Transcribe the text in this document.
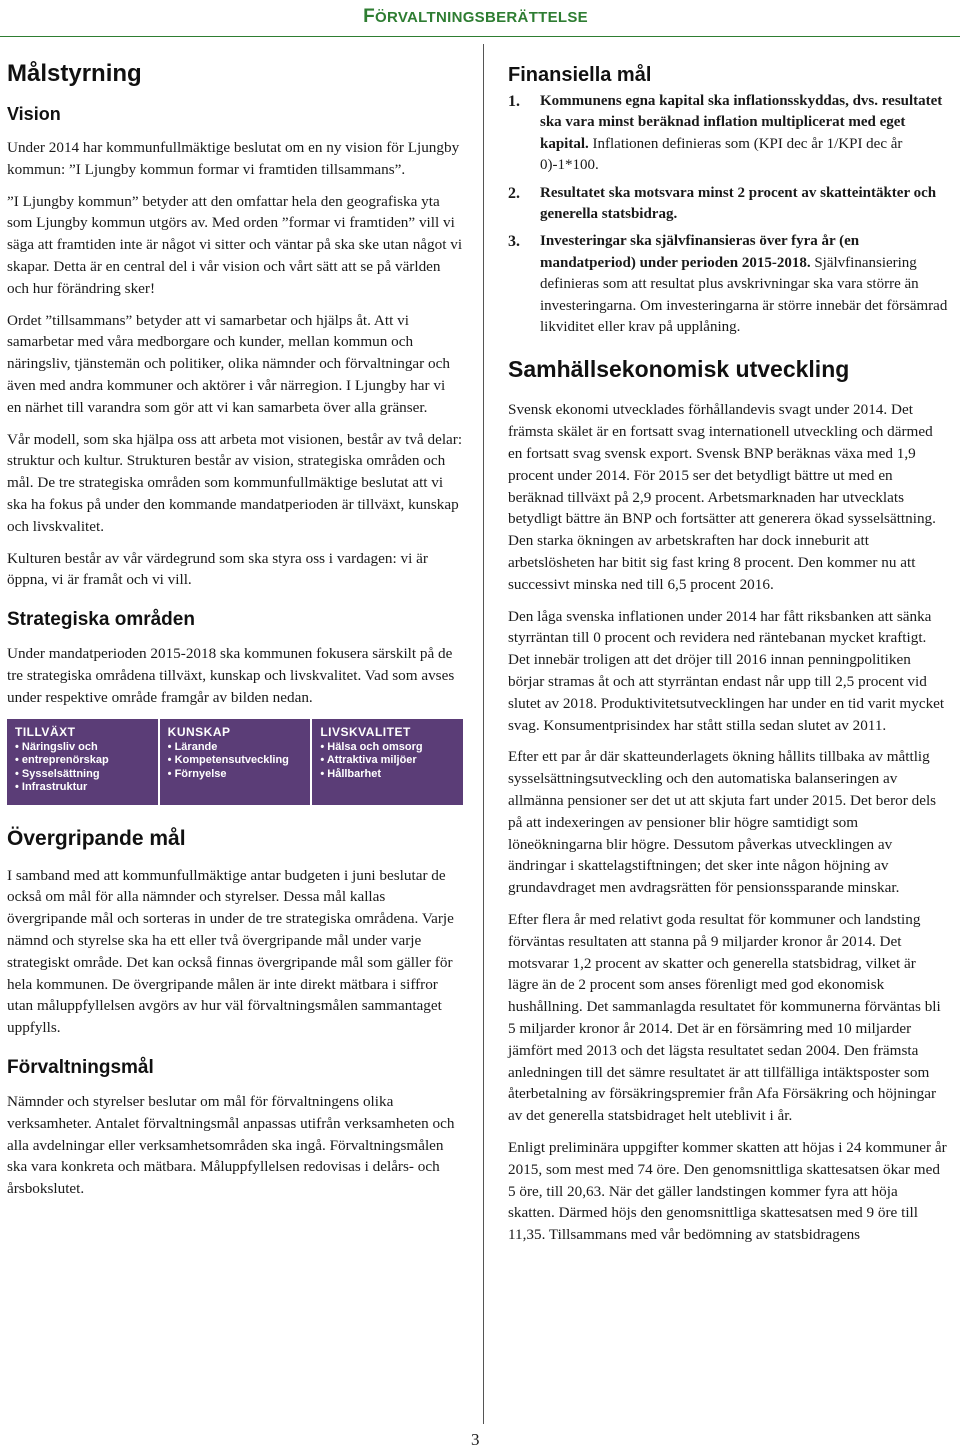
FÖRVALTNINGSBERÄTTELSE
Målstyrning
Vision

Under 2014 har kommunfullmäktige beslutat om en ny vision för Ljungby kommun: ”I Ljungby kommun formar vi framtiden tillsammans”.

”I Ljungby kommun” betyder att den omfattar hela den geografiska yta som Ljungby kommun utgörs av. Med orden ”formar vi framtiden” vill vi säga att framtiden inte är något vi sitter och väntar på ska ske utan något vi skapar. Detta är en central del i vår vision och vårt sätt att se på världen och hur förändring sker!

Ordet ”tillsammans” betyder att vi samarbetar och hjälps åt. Att vi samarbetar med våra medborgare och kunder, mellan kommun och näringsliv, tjänstemän och politiker, olika nämnder och förvaltningar och även med andra kommuner och aktörer i vår närregion. I Ljungby har vi en närhet till varandra som gör att vi kan samarbeta över alla gränser.

Vår modell, som ska hjälpa oss att arbeta mot visionen, består av två delar: struktur och kultur. Strukturen består av vision, strategiska områden och mål. De tre strategiska områden som kommunfullmäktige beslutat att vi ska ha fokus på under den kommande mandatperioden är tillväxt, kunskap och livskvalitet.

Kulturen består av vår värdegrund som ska styra oss i vardagen: vi är öppna, vi är framåt och vi vill.

Strategiska områden

Under mandatperioden 2015-2018 ska kommunen fokusera särskilt på de tre strategiska områdena tillväxt, kunskap och livskvalitet. Vad som avses under respektive område framgår av bilden nedan.

TILLVÄXT
• Näringsliv och
• entreprenörskap
• Sysselsättning
• Infrastruktur
KUNSKAP
• Lärande
• Kompetensutveckling
• Förnyelse
LIVSKVALITET
• Hälsa och omsorg
• Attraktiva miljöer
• Hållbarhet
Övergripande mål

I samband med att kommunfullmäktige antar budgeten i juni beslutar de också om mål för alla nämnder och styrelser. Dessa mål kallas övergripande mål och sorteras in under de tre strategiska områdena. Varje nämnd och styrelse ska ha ett eller två övergripande mål under varje strategiskt område. Det kan också finnas övergripande mål som gäller för hela kommunen. De övergripande målen är inte direkt mätbara i siffror utan måluppfyllelsen avgörs av hur väl förvaltningsmålen sammantaget uppfylls.

Förvaltningsmål

Nämnder och styrelser beslutar om mål för förvaltningens olika verksamheter. Antalet förvaltningsmål anpassas utifrån verksamheten och alla avdelningar eller verksamhetsområden ska ingå. Förvaltningsmålen ska vara konkreta och mätbara. Måluppfyllelsen redovisas i delårs- och årsbokslutet.

Finansiella mål
1.	Kommunens egna kapital ska inflationsskyddas, dvs. resultatet ska vara minst beräknad inflation multiplicerat med eget kapital. Inflationen definieras som (KPI dec år 1/KPI dec år 0)-1*100.
2.	Resultatet ska motsvara minst 2 procent av skatteintäkter och generella statsbidrag.
3.	Investeringar ska självfinansieras över fyra år (en mandatperiod) under perioden 2015-2018. Självfinansiering definieras som att resultat plus avskrivningar ska vara större än investeringarna. Om investeringarna är större innebär det försämrad likviditet eller krav på upplåning.
Samhällsekonomisk utveckling

Svensk ekonomi utvecklades förhållandevis svagt under 2014. Det främsta skälet är en fortsatt svag internationell utveckling och därmed en fortsatt svag svensk export. Svensk BNP beräknas växa med 1,9 procent under 2014. För 2015 ser det betydligt bättre ut med en beräknad tillväxt på 2,9 procent. Arbetsmarknaden har utvecklats betydligt bättre än BNP och fortsätter att generera ökad sysselsättning.

Den starka ökningen av arbetskraften har dock inneburit att arbetslösheten har bitit sig fast kring 8 procent. Den kommer nu att successivt minska ned till 6,5 procent 2016.

Den låga svenska inflationen under 2014 har fått riksbanken att sänka styrräntan till 0 procent och revidera ned räntebanan mycket kraftigt. Det innebär troligen att det dröjer till 2016 innan penningpolitiken börjar stramas åt och att styrräntan endast når upp till 2,5 procent vid slutet av 2018. Produktivitetsutvecklingen har under en tid varit mycket svag. Konsumentprisindex har stått stilla sedan slutet av 2011.

Efter ett par år där skatteunderlagets ökning hållits tillbaka av måttlig sysselsättningsutveckling och den automatiska balanseringen av allmänna pensioner ser det ut att skjuta fart under 2015. Det beror dels på att indexeringen av pensioner blir högre samtidigt som löneökningarna blir högre. Dessutom påverkas utvecklingen av ändringar i skattelagstiftningen; det sker inte någon höjning av grundavdraget men avdragsrätten för pensionssparande minskar.

Efter flera år med relativt goda resultat för kommuner och landsting förväntas resultaten att stanna på 9 miljarder kronor år 2014. Det motsvarar 1,2 procent av skatter och generella statsbidrag, vilket är lägre än de 2 procent som anses förenligt med god ekonomisk hushållning. Det sammanlagda resultatet för kommunerna förväntas bli 5 miljarder kronor år 2014. Det är en försämring med 10 miljarder jämfört med 2013 och det lägsta resultatet sedan 2004. Den främsta anledningen till det sämre resultatet är att tillfälliga intäktsposter som återbetalning av försäkringspremier från Afa Försäkring och höjningar av det generella statsbidraget helt uteblivit i år.

Enligt preliminära uppgifter kommer skatten att höjas i 24 kommuner år 2015, som mest med 74 öre. Den genomsnittliga skattesatsen ökar med 5 öre, till 20,63. När det gäller landstingen kommer fyra att höja skatten. Därmed höjs den genomsnittliga skattesatsen med 9 öre till 11,35. Tillsammans med vår bedömning av statsbidragens

3
